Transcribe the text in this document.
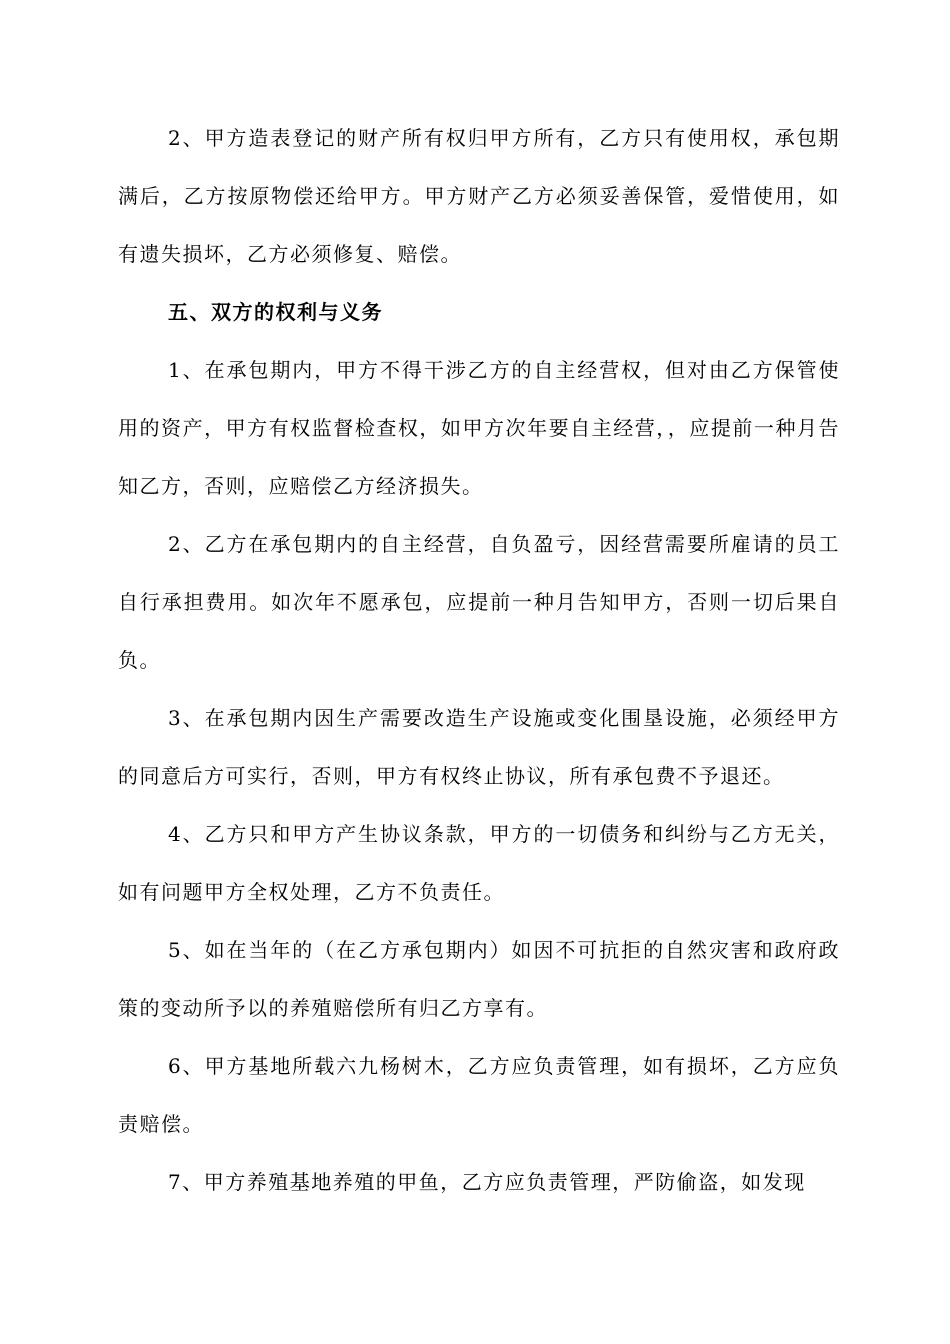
2、甲方造表登记的财产所有权归甲方所有，乙方只有使用权，承包期满后，乙方按原物偿还给甲方。甲方财产乙方必须妥善保管，爱惜使用，如有遗失损坏，乙方必须修复、赔偿。

五、双方的权利与义务

1、在承包期内，甲方不得干涉乙方的自主经营权，但对由乙方保管使用的资产，甲方有权监督检查权，如甲方次年要自主经营，，应提前一种月告知乙方，否则，应赔偿乙方经济损失。

2、乙方在承包期内的自主经营，自负盈亏，因经营需要所雇请的员工自行承担费用。如次年不愿承包，应提前一种月告知甲方，否则一切后果自负。

3、在承包期内因生产需要改造生产设施或变化围垦设施，必须经甲方的同意后方可实行，否则，甲方有权终止协议，所有承包费不予退还。

4、乙方只和甲方产生协议条款，甲方的一切债务和纠纷与乙方无关，如有问题甲方全权处理，乙方不负责任。

5、如在当年的（在乙方承包期内）如因不可抗拒的自然灾害和政府政策的变动所予以的养殖赔偿所有归乙方享有。

6、甲方基地所载六九杨树木，乙方应负责管理，如有损坏，乙方应负责赔偿。

7、甲方养殖基地养殖的甲鱼，乙方应负责管理，严防偷盗，如发现
